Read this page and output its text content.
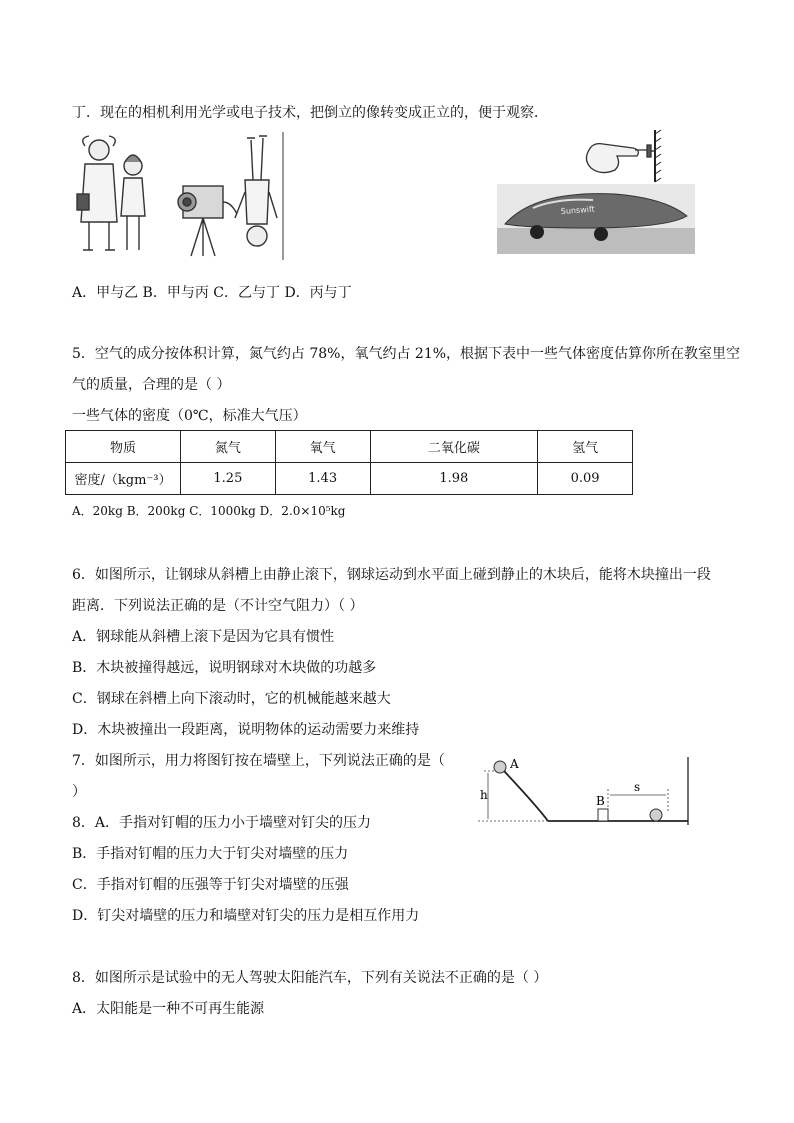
丁．现在的相机利用光学或电子技术，把倒立的像转变成正立的，便于观察．
Sunswift
A．甲与乙 B．甲与丙 C．乙与丁 D．丙与丁
5．空气的成分按体积计算，氮气约占 78%，氧气约占 21%，根据下表中一些气体密度估算你所在教室里空
气的质量，合理的是（ ）
一些气体的密度（0℃，标准大气压）
物质	氮气	氧气	二氧化碳	氢气
密度/（kgm⁻³）	1.25	1.43	1.98	0.09
A．20kg B．200kg C．1000kg D．2.0×10⁵kg
6．如图所示，让钢球从斜槽上由静止滚下，钢球运动到水平面上碰到静止的木块后，能将木块撞出一段
距离．下列说法正确的是（不计空气阻力）（ ）
A．钢球能从斜槽上滚下是因为它具有惯性
B．木块被撞得越远，说明钢球对木块做的功越多
C．钢球在斜槽上向下滚动时，它的机械能越来越大
D．木块被撞出一段距离，说明物体的运动需要力来维持
7．如图所示，用力将图钉按在墙壁上，下列说法正确的是（
）
8．A．手指对钉帽的压力小于墙壁对钉尖的压力
B．手指对钉帽的压力大于钉尖对墙壁的压力
C．手指对钉帽的压强等于钉尖对墙壁的压强
D．钉尖对墙壁的压力和墙壁对钉尖的压力是相互作用力
A
h	B
s
8．如图所示是试验中的无人驾驶太阳能汽车，下列有关说法不正确的是（ ）
A．太阳能是一种不可再生能源
